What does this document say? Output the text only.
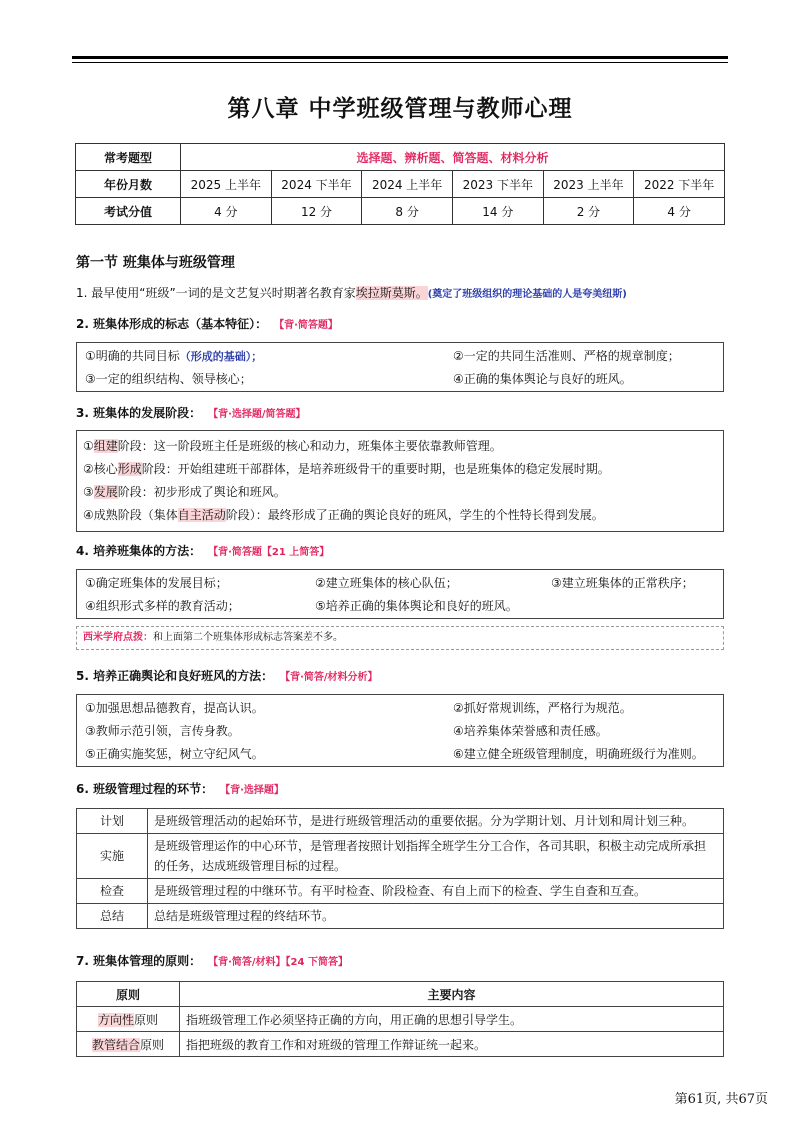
第八章 中学班级管理与教师心理
常考题型	选择题、辨析题、简答题、材料分析					
年份月数	2025 上半年	2024 下半年	2024 上半年	2023 下半年	2023 上半年	2022 下半年
考试分值	4 分	12 分	8 分	14 分	2 分	4 分
第一节 班集体与班级管理
1. 最早使用“班级”一词的是文艺复兴时期著名教育家埃拉斯莫斯。(奠定了班级组织的理论基础的人是夸美纽斯)
2. 班集体形成的标志（基本特征）： 【背·简答题】
①明确的共同目标（形成的基础）；	②一定的共同生活准则、严格的规章制度；
③一定的组织结构、领导核心；	④正确的集体舆论与良好的班风。
3. 班集体的发展阶段： 【背·选择题/简答题】
①组建阶段：这一阶段班主任是班级的核心和动力，班集体主要依靠教师管理。
②核心形成阶段：开始组建班干部群体，是培养班级骨干的重要时期，也是班集体的稳定发展时期。
③发展阶段：初步形成了舆论和班风。
④成熟阶段（集体自主活动阶段）：最终形成了正确的舆论良好的班风，学生的个性特长得到发展。
4. 培养班集体的方法： 【背·简答题【21 上简答】
①确定班集体的发展目标；	②建立班集体的核心队伍；	③建立班集体的正常秩序；
④组织形式多样的教育活动；	⑤培养正确的集体舆论和良好的班风。
西米学府点拨：和上面第二个班集体形成标志答案差不多。
5. 培养正确舆论和良好班风的方法： 【背·简答/材料分析】
①加强思想品德教育，提高认识。	②抓好常规训练，严格行为规范。
③教师示范引领，言传身教。	④培养集体荣誉感和责任感。
⑤正确实施奖惩，树立守纪风气。	⑥建立健全班级管理制度，明确班级行为准则。
6. 班级管理过程的环节： 【背·选择题】
计划	是班级管理活动的起始环节，是进行班级管理活动的重要依据。分为学期计划、月计划和周计划三种。
实施	是班级管理运作的中心环节，是管理者按照计划指挥全班学生分工合作，各司其职，积极主动完成所承担的任务，达成班级管理目标的过程。
检查	是班级管理过程的中继环节。有平时检查、阶段检查、有自上而下的检查、学生自查和互查。
总结	总结是班级管理过程的终结环节。
7. 班集体管理的原则： 【背·简答/材料】【24 下简答】
原则	主要内容
方向性原则	指班级管理工作必须坚持正确的方向，用正确的思想引导学生。
教管结合原则	指把班级的教育工作和对班级的管理工作辩证统一起来。
第61页, 共67页
